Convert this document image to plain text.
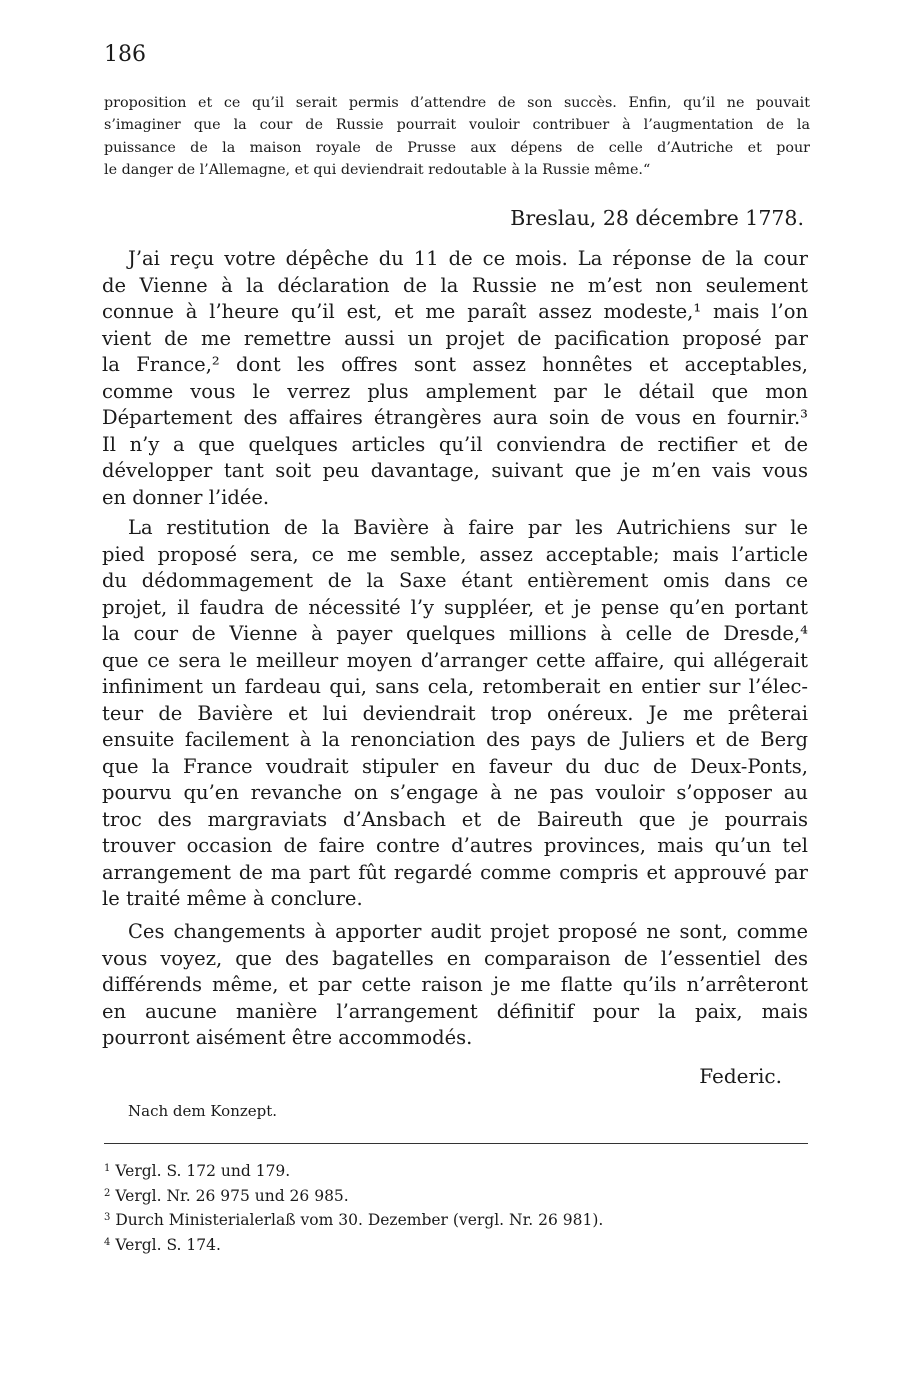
186
proposition et ce qu’il serait permis d’attendre de son succès. Enfin, qu’il ne pouvait
s’imaginer que la cour de Russie pourrait vouloir contribuer à l’augmentation de la
puissance de la maison royale de Prusse aux dépens de celle d’Autriche et pour
le danger de l’Allemagne, et qui deviendrait redoutable à la Russie même.“
Breslau, 28 décembre 1778.
J’ai reçu votre dépêche du 11 de ce mois. La réponse de la cour
de Vienne à la déclaration de la Russie ne m’est non seulement
connue à l’heure qu’il est, et me paraît assez modeste,¹ mais l’on
vient de me remettre aussi un projet de pacification proposé par
la France,² dont les offres sont assez honnêtes et acceptables,
comme vous le verrez plus amplement par le détail que mon
Département des affaires étrangères aura soin de vous en fournir.³
Il n’y a que quelques articles qu’il conviendra de rectifier et de
développer tant soit peu davantage, suivant que je m’en vais vous
en donner l’idée.
La restitution de la Bavière à faire par les Autrichiens sur le
pied proposé sera, ce me semble, assez acceptable; mais l’article
du dédommagement de la Saxe étant entièrement omis dans ce
projet, il faudra de nécessité l’y suppléer, et je pense qu’en portant
la cour de Vienne à payer quelques millions à celle de Dresde,⁴
que ce sera le meilleur moyen d’arranger cette affaire, qui allégerait
infiniment un fardeau qui, sans cela, retomberait en entier sur l’élec-
teur de Bavière et lui deviendrait trop onéreux. Je me prêterai
ensuite facilement à la renonciation des pays de Juliers et de Berg
que la France voudrait stipuler en faveur du duc de Deux-Ponts,
pourvu qu’en revanche on s’engage à ne pas vouloir s’opposer au
troc des margraviats d’Ansbach et de Baireuth que je pourrais
trouver occasion de faire contre d’autres provinces, mais qu’un tel
arrangement de ma part fût regardé comme compris et approuvé par
le traité même à conclure.
Ces changements à apporter audit projet proposé ne sont, comme
vous voyez, que des bagatelles en comparaison de l’essentiel des
différends même, et par cette raison je me flatte qu’ils n’arrêteront
en aucune manière l’arrangement définitif pour la paix, mais
pourront aisément être accommodés.
Federic.
Nach dem Konzept.
$^1$ Vergl. S. 172 und 179.
$^2$ Vergl. Nr. 26 975 und 26 985.
$^3$ Durch Ministerialerlaß vom 30. Dezember (vergl. Nr. 26 981).
$^4$ Vergl. S. 174.
